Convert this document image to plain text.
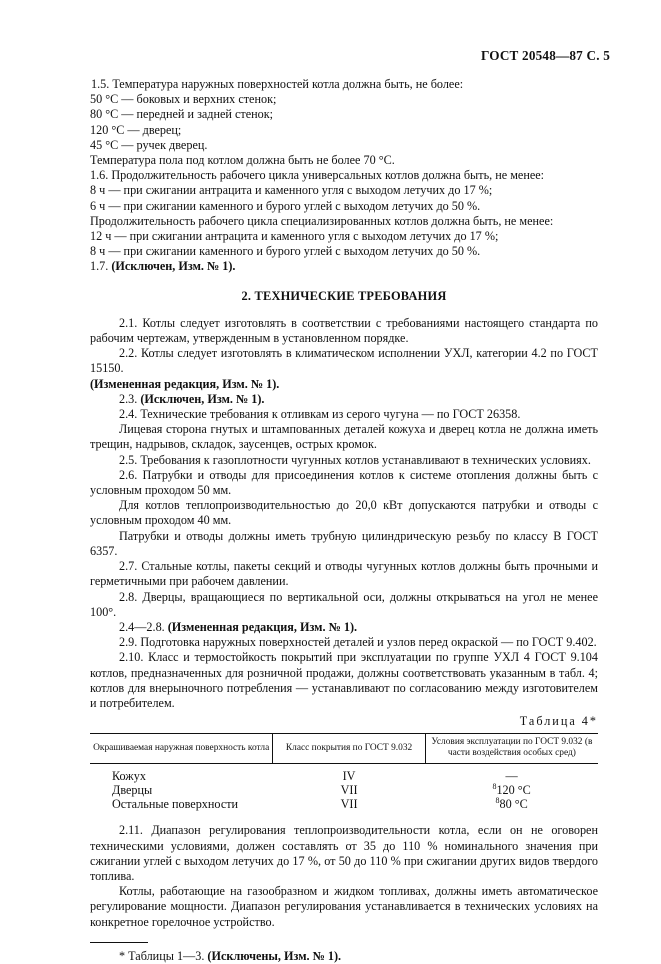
ГОСТ 20548—87 С. 5
1.5. Температура наружных поверхностей котла должна быть, не более:
50 °С — боковых и верхних стенок;
80 °С — передней и задней стенок;
120 °С — дверец;
45 °С — ручек дверец.
Температура пола под котлом должна быть не более 70 °С.
1.6. Продолжительность рабочего цикла универсальных котлов должна быть, не менее:
8 ч — при сжигании антрацита и каменного угля с выходом летучих до 17 %;
6 ч — при сжигании каменного и бурого углей с выходом летучих до 50 %.
Продолжительность рабочего цикла специализированных котлов должна быть, не менее:
12 ч — при сжигании антрацита и каменного угля с выходом летучих до 17 %;
8 ч — при сжигании каменного и бурого углей с выходом летучих до 50 %.
1.7. (Исключен, Изм. № 1).
2. ТЕХНИЧЕСКИЕ ТРЕБОВАНИЯ
2.1. Котлы следует изготовлять в соответствии с требованиями настоящего стандарта по рабочим чертежам, утвержденным в установленном порядке.
2.2. Котлы следует изготовлять в климатическом исполнении УХЛ, категории 4.2 по ГОСТ 15150.
(Измененная редакция, Изм. № 1).
2.3. (Исключен, Изм. № 1).
2.4. Технические требования к отливкам из серого чугуна — по ГОСТ 26358.
Лицевая сторона гнутых и штампованных деталей кожуха и дверец котла не должна иметь трещин, надрывов, складок, заусенцев, острых кромок.
2.5. Требования к газоплотности чугунных котлов устанавливают в технических условиях.
2.6. Патрубки и отводы для присоединения котлов к системе отопления должны быть с условным проходом 50 мм.
Для котлов теплопроизводительностью до 20,0 кВт допускаются патрубки и отводы с условным проходом 40 мм.
Патрубки и отводы должны иметь трубную цилиндрическую резьбу по классу В ГОСТ 6357.
2.7. Стальные котлы, пакеты секций и отводы чугунных котлов должны быть прочными и герметичными при рабочем давлении.
2.8. Дверцы, вращающиеся по вертикальной оси, должны открываться на угол не менее 100°.
2.4—2.8. (Измененная редакция, Изм. № 1).
2.9. Подготовка наружных поверхностей деталей и узлов перед окраской — по ГОСТ 9.402.
2.10. Класс и термостойкость покрытий при эксплуатации по группе УХЛ 4 ГОСТ 9.104 котлов, предназначенных для розничной продажи, должны соответствовать указанным в табл. 4; котлов для внерыночного потребления — устанавливают по согласованию между изготовителем и потребителем.
Таблица 4*
Окрашиваемая наружная поверхность котла	Класс покрытия по ГОСТ 9.032	Условия эксплуатации по ГОСТ 9.032 (в части воздействия особых сред)
Кожух	IV	—
Дверцы	VII	$^8$120 °С
Остальные поверхности	VII	$^8$80 °С
2.11. Диапазон регулирования теплопроизводительности котла, если он не оговорен техническими условиями, должен составлять от 35 до 110 % номинального значения при сжигании углей с выходом летучих до 17 %, от 50 до 110 % при сжигании других видов твердого топлива.
Котлы, работающие на газообразном и жидком топливах, должны иметь автоматическое регулирование мощности. Диапазон регулирования устанавливается в технических условиях на конкретное горелочное устройство.
* Таблицы 1—3. (Исключены, Изм. № 1).
